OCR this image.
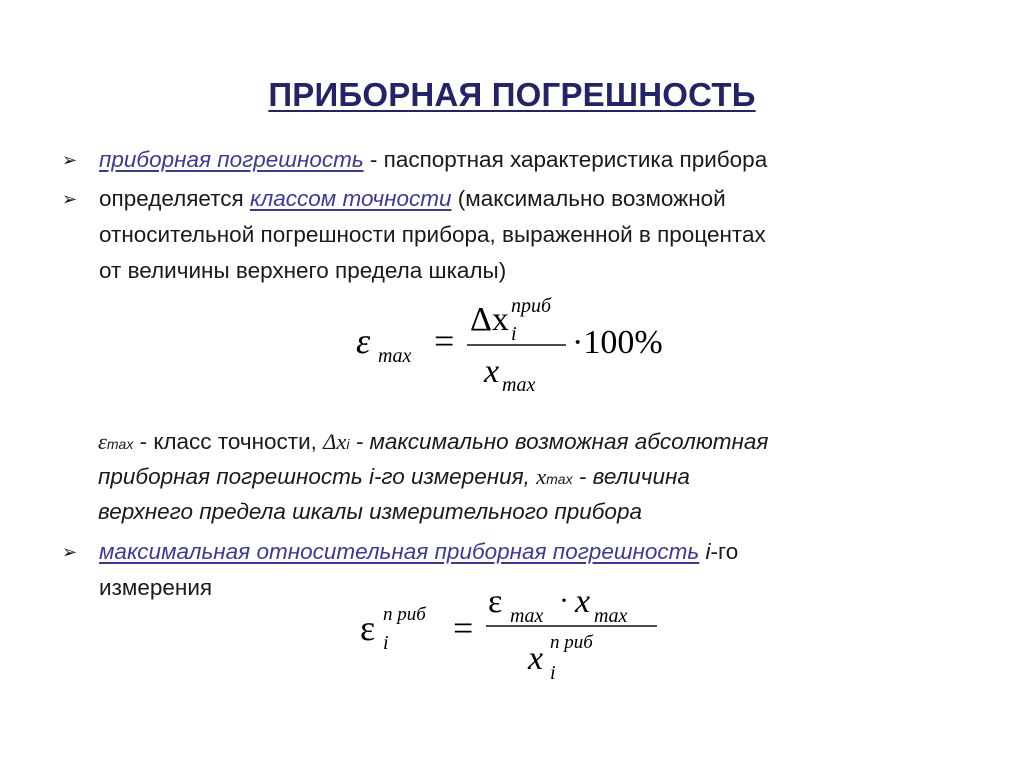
ПРИБОРНАЯ ПОГРЕШНОСТЬ
➢ приборная погрешность - паспортная характеристика прибора
➢ определяется классом точности (максимально возможной
относительной погрешности прибора, выраженной в процентах
от величины верхнего предела шкалы)
ε max =
Δx приб
i
x max
·100%
εmax - класс точности, Δxi - максимально возможная абсолютная
приборная погрешность i-го измерения, xmax - величина
верхнего предела шкалы измерительного прибора
➢ максимальная относительная приборная погрешность i-го
измерения
ε n риб
i =
ε max · x max
x n риб
i
